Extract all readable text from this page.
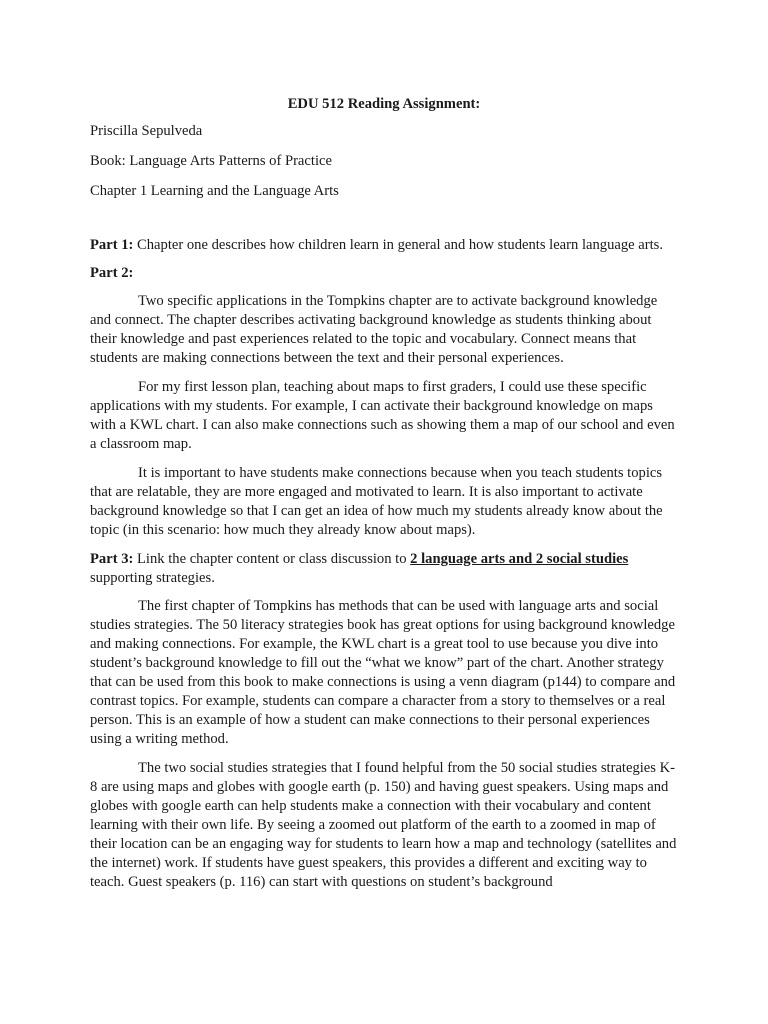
EDU 512 Reading Assignment:
Priscilla Sepulveda
Book: Language Arts Patterns of Practice
Chapter 1 Learning and the Language Arts
Part 1: Chapter one describes how children learn in general and how students learn language arts.
Part 2:
Two specific applications in the Tompkins chapter are to activate background knowledge and connect. The chapter describes activating background knowledge as students thinking about their knowledge and past experiences related to the topic and vocabulary. Connect means that students are making connections between the text and their personal experiences.
For my first lesson plan, teaching about maps to first graders, I could use these specific applications with my students. For example, I can activate their background knowledge on maps with a KWL chart. I can also make connections such as showing them a map of our school and even a classroom map.
It is important to have students make connections because when you teach students topics that are relatable, they are more engaged and motivated to learn. It is also important to activate background knowledge so that I can get an idea of how much my students already know about the topic (in this scenario: how much they already know about maps).
Part 3: Link the chapter content or class discussion to 2 language arts and 2 social studies supporting strategies.
The first chapter of Tompkins has methods that can be used with language arts and social studies strategies. The 50 literacy strategies book has great options for using background knowledge and making connections. For example, the KWL chart is a great tool to use because you dive into student’s background knowledge to fill out the “what we know” part of the chart. Another strategy that can be used from this book to make connections is using a venn diagram (p144) to compare and contrast topics. For example, students can compare a character from a story to themselves or a real person. This is an example of how a student can make connections to their personal experiences using a writing method.
The two social studies strategies that I found helpful from the 50 social studies strategies K-8 are using maps and globes with google earth (p. 150) and having guest speakers. Using maps and globes with google earth can help students make a connection with their vocabulary and content learning with their own life. By seeing a zoomed out platform of the earth to a zoomed in map of their location can be an engaging way for students to learn how a map and technology (satellites and the internet) work. If students have guest speakers, this provides a different and exciting way to teach. Guest speakers (p. 116) can start with questions on student’s background
